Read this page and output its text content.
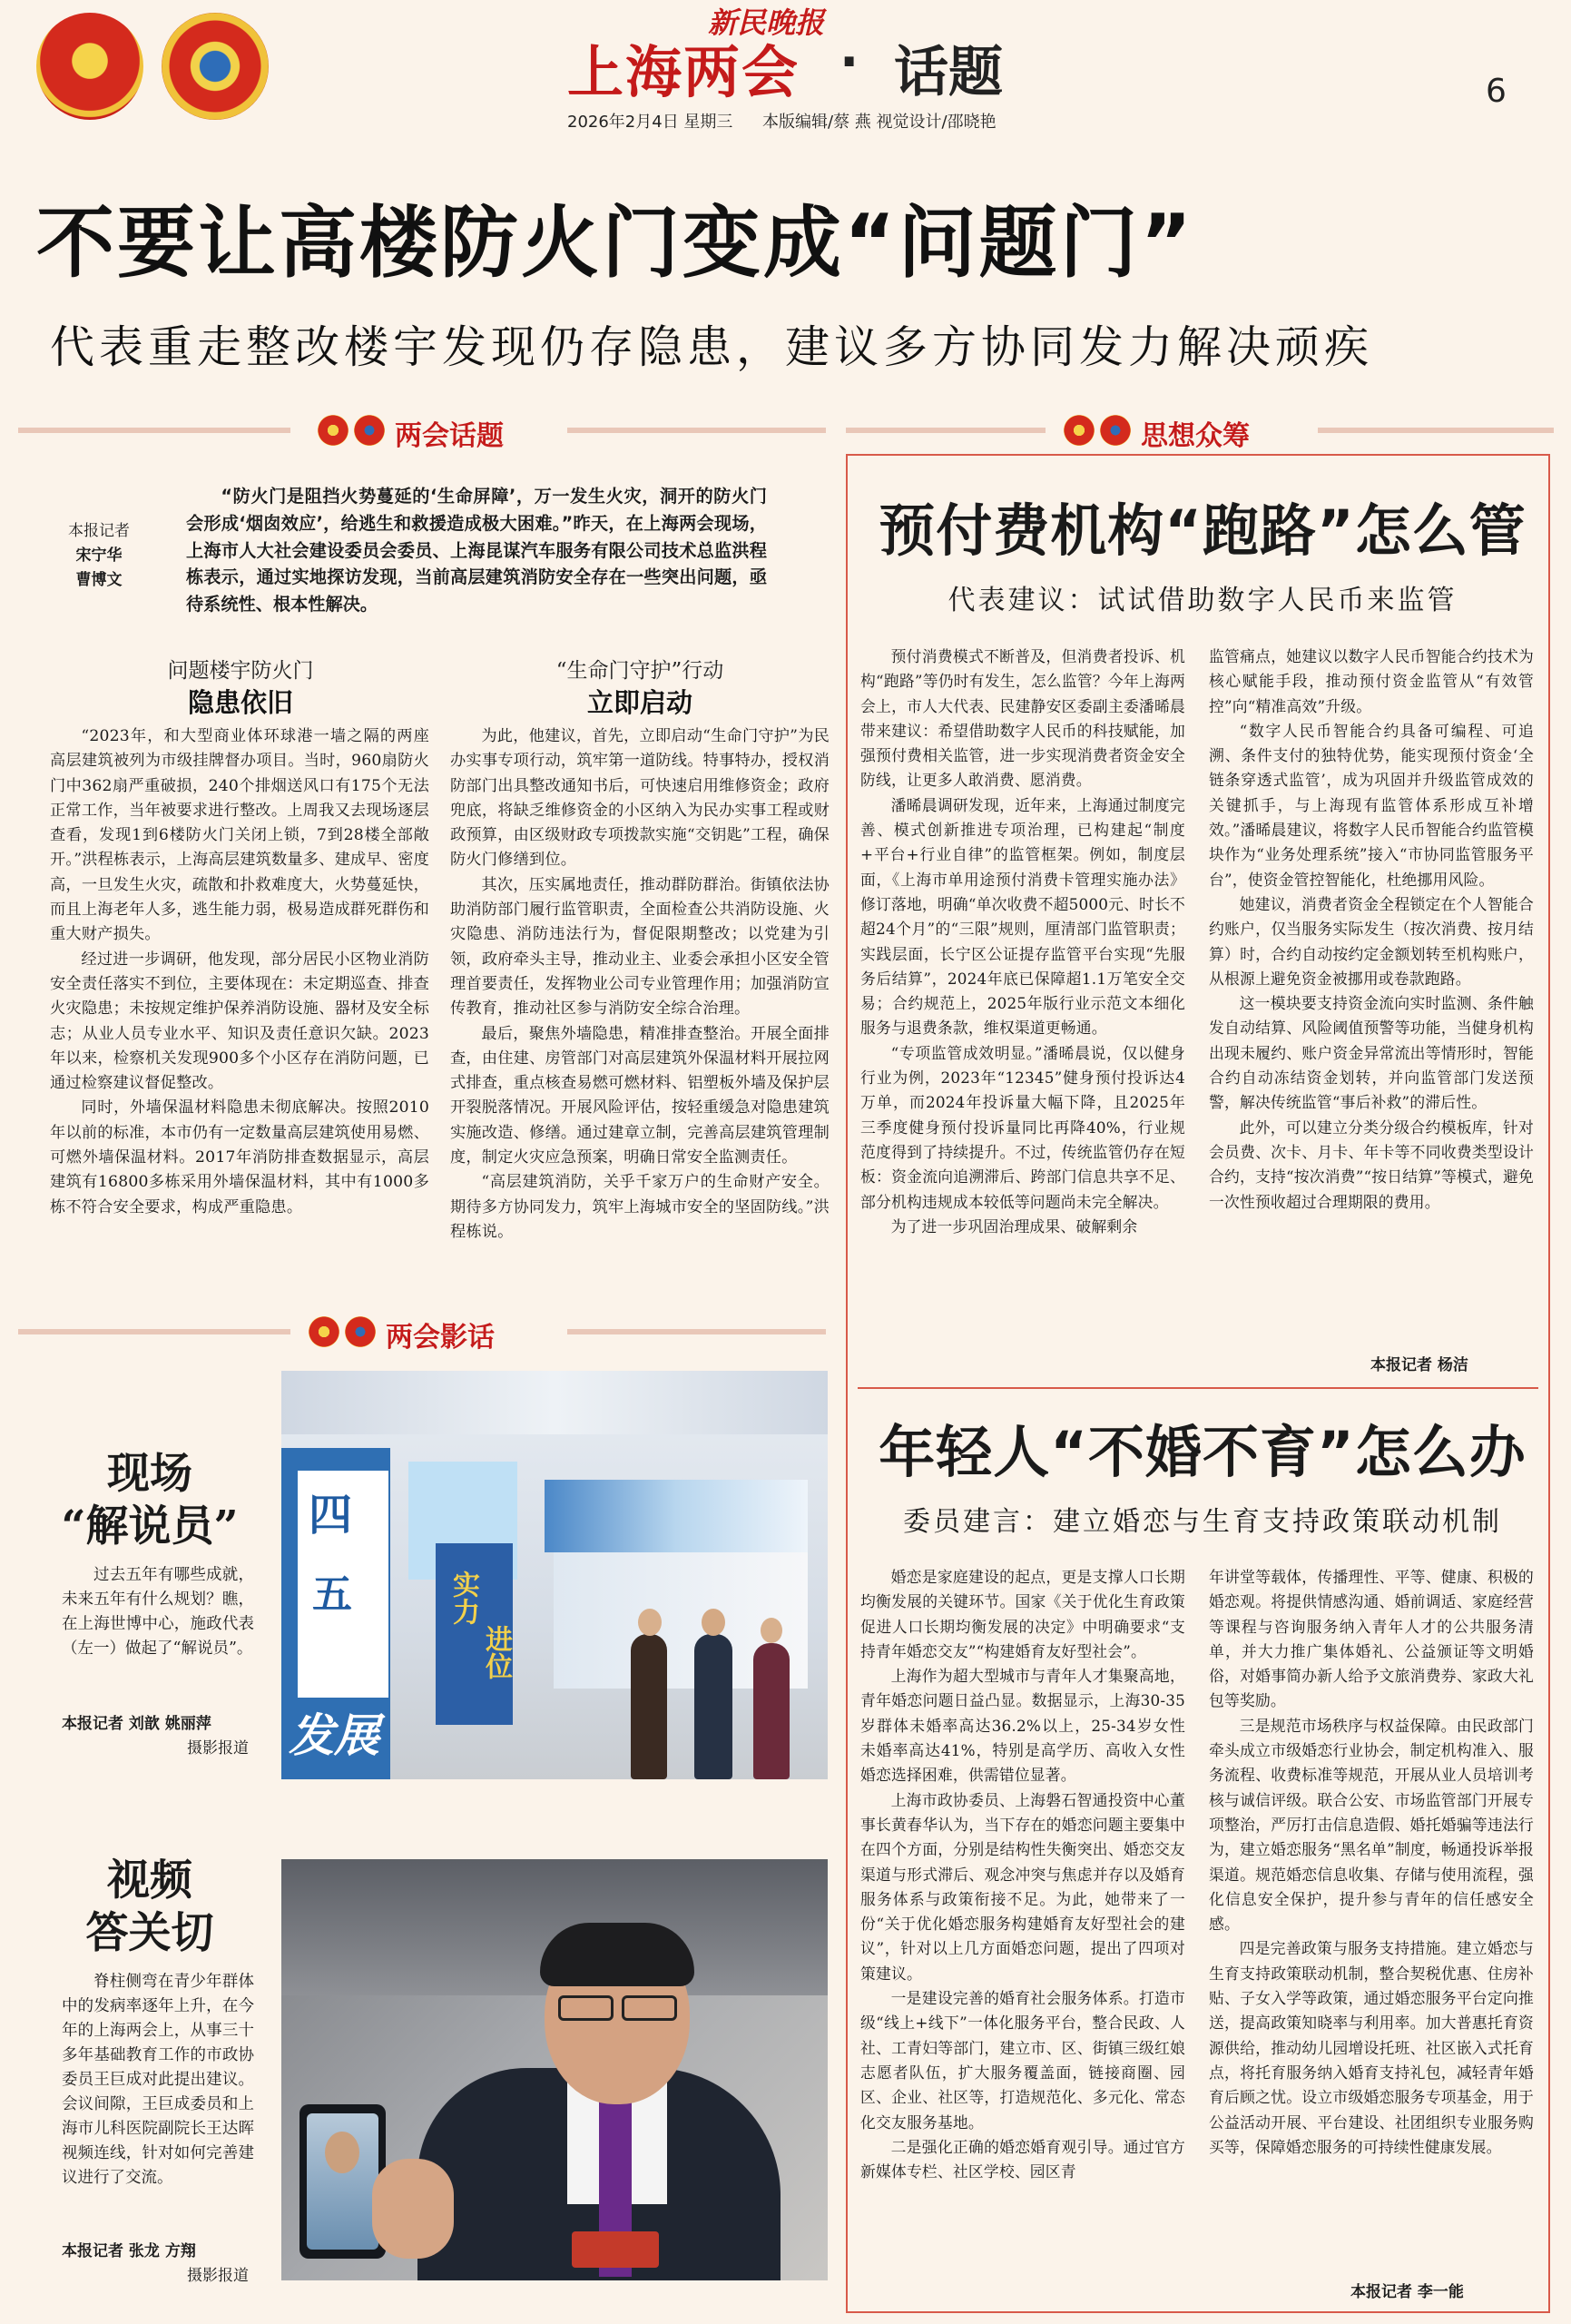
新民晚报
上海两会 · 话题	6
2026年2月4日 星期三 本版编辑/蔡 燕 视觉设计/邵晓艳
不要让高楼防火门变成“问题门”
代表重走整改楼宇发现仍存隐患，建议多方协同发力解决顽疾
两会话题
本报记者
宋宁华
曹博文
“防火门是阻挡火势蔓延的‘生命屏障’，万一发生火灾，洞开的防火门会形成‘烟囱效应’，给逃生和救援造成极大困难。”昨天，在上海两会现场，上海市人大社会建设委员会委员、上海昆谋汽车服务有限公司技术总监洪程栋表示，通过实地探访发现，当前高层建筑消防安全存在一些突出问题，亟待系统性、根本性解决。
问题楼宇防火门
隐患依旧
“生命门守护”行动
立即启动

“2023年，和大型商业体环球港一墙之隔的两座高层建筑被列为市级挂牌督办项目。当时，960扇防火门中362扇严重破损，240个排烟送风口有175个无法正常工作，当年被要求进行整改。上周我又去现场逐层查看，发现1到6楼防火门关闭上锁，7到28楼全部敞开。”洪程栋表示，上海高层建筑数量多、建成早、密度高，一旦发生火灾，疏散和扑救难度大，火势蔓延快，而且上海老年人多，逃生能力弱，极易造成群死群伤和重大财产损失。

经过进一步调研，他发现，部分居民小区物业消防安全责任落实不到位，主要体现在：未定期巡查、排查火灾隐患；未按规定维护保养消防设施、器材及安全标志；从业人员专业水平、知识及责任意识欠缺。2023年以来，检察机关发现900多个小区存在消防问题，已通过检察建议督促整改。

同时，外墙保温材料隐患未彻底解决。按照2010年以前的标准，本市仍有一定数量高层建筑使用易燃、可燃外墙保温材料。2017年消防排查数据显示，高层建筑有16800多栋采用外墙保温材料，其中有1000多栋不符合安全要求，构成严重隐患。

为此，他建议，首先，立即启动“生命门守护”为民办实事专项行动，筑牢第一道防线。特事特办，授权消防部门出具整改通知书后，可快速启用维修资金；政府兜底，将缺乏维修资金的小区纳入为民办实事工程或财政预算，由区级财政专项拨款实施“交钥匙”工程，确保防火门修缮到位。

其次，压实属地责任，推动群防群治。街镇依法协助消防部门履行监管职责，全面检查公共消防设施、火灾隐患、消防违法行为，督促限期整改；以党建为引领，政府牵头主导，推动业主、业委会承担小区安全管理首要责任，发挥物业公司专业管理作用；加强消防宣传教育，推动社区参与消防安全综合治理。

最后，聚焦外墙隐患，精准排查整治。开展全面排查，由住建、房管部门对高层建筑外保温材料开展拉网式排查，重点核查易燃可燃材料、铝塑板外墙及保护层开裂脱落情况。开展风险评估，按轻重缓急对隐患建筑实施改造、修缮。通过建章立制，完善高层建筑管理制度，制定火灾应急预案，明确日常安全监测责任。

“高层建筑消防，关乎千家万户的生命财产安全。期待多方协同发力，筑牢上海城市安全的坚固防线。”洪程栋说。

两会影话
现场
“解说员”
过去五年有哪些成就，未来五年有什么规划？瞧，在上海世博中心，施政代表（左一）做起了“解说员”。
本报记者 刘歆 姚丽萍
摄影报道
四
五
发展
实力
进位
视频
答关切
脊柱侧弯在青少年群体中的发病率逐年上升，在今年的上海两会上，从事三十多年基础教育工作的市政协委员王巨成对此提出建议。会议间隙，王巨成委员和上海市儿科医院副院长王达晖视频连线，针对如何完善建议进行了交流。
本报记者 张龙 方翔
摄影报道
思想众筹
预付费机构“跑路”怎么管
代表建议：试试借助数字人民币来监管

预付消费模式不断普及，但消费者投诉、机构“跑路”等仍时有发生，怎么监管？今年上海两会上，市人大代表、民建静安区委副主委潘晞晨带来建议：希望借助数字人民币的科技赋能，加强预付费相关监管，进一步实现消费者资金安全防线，让更多人敢消费、愿消费。

潘晞晨调研发现，近年来，上海通过制度完善、模式创新推进专项治理，已构建起“制度+平台+行业自律”的监管框架。例如，制度层面，《上海市单用途预付消费卡管理实施办法》修订落地，明确“单次收费不超5000元、时长不超24个月”的“三限”规则，厘清部门监管职责；实践层面，长宁区公证提存监管平台实现“先服务后结算”，2024年底已保障超1.1万笔安全交易；合约规范上，2025年版行业示范文本细化服务与退费条款，维权渠道更畅通。

“专项监管成效明显。”潘晞晨说，仅以健身行业为例，2023年“12345”健身预付投诉达4万单，而2024年投诉量大幅下降，且2025年三季度健身预付投诉量同比再降40%，行业规范度得到了持续提升。不过，传统监管仍存在短板：资金流向追溯滞后、跨部门信息共享不足、部分机构违规成本较低等问题尚未完全解决。

为了进一步巩固治理成果、破解剩余

监管痛点，她建议以数字人民币智能合约技术为核心赋能手段，推动预付资金监管从“有效管控”向“精准高效”升级。

“数字人民币智能合约具备可编程、可追溯、条件支付的独特优势，能实现预付资金‘全链条穿透式监管’，成为巩固并升级监管成效的关键抓手，与上海现有监管体系形成互补增效。”潘晞晨建议，将数字人民币智能合约监管模块作为“业务处理系统”接入“市协同监管服务平台”，使资金管控智能化，杜绝挪用风险。

她建议，消费者资金全程锁定在个人智能合约账户，仅当服务实际发生（按次消费、按月结算）时，合约自动按约定金额划转至机构账户，从根源上避免资金被挪用或卷款跑路。

这一模块要支持资金流向实时监测、条件触发自动结算、风险阈值预警等功能，当健身机构出现未履约、账户资金异常流出等情形时，智能合约自动冻结资金划转，并向监管部门发送预警，解决传统监管“事后补救”的滞后性。

此外，可以建立分类分级合约模板库，针对会员费、次卡、月卡、年卡等不同收费类型设计合约，支持“按次消费”“按日结算”等模式，避免一次性预收超过合理期限的费用。

本报记者 杨洁
年轻人“不婚不育”怎么办
委员建言：建立婚恋与生育支持政策联动机制

婚恋是家庭建设的起点，更是支撑人口长期均衡发展的关键环节。国家《关于优化生育政策促进人口长期均衡发展的决定》中明确要求“支持青年婚恋交友”“构建婚育友好型社会”。

上海作为超大型城市与青年人才集聚高地，青年婚恋问题日益凸显。数据显示，上海30-35岁群体未婚率高达36.2%以上，25-34岁女性未婚率高达41%，特别是高学历、高收入女性婚恋选择困难，供需错位显著。

上海市政协委员、上海磐石智通投资中心董事长黄春华认为，当下存在的婚恋问题主要集中在四个方面，分别是结构性失衡突出、婚恋交友渠道与形式滞后、观念冲突与焦虑并存以及婚育服务体系与政策衔接不足。为此，她带来了一份“关于优化婚恋服务构建婚育友好型社会的建议”，针对以上几方面婚恋问题，提出了四项对策建议。

一是建设完善的婚育社会服务体系。打造市级“线上+线下”一体化服务平台，整合民政、人社、工青妇等部门，建立市、区、街镇三级红娘志愿者队伍，扩大服务覆盖面，链接商圈、园区、企业、社区等，打造规范化、多元化、常态化交友服务基地。

二是强化正确的婚恋婚育观引导。通过官方新媒体专栏、社区学校、园区青

年讲堂等载体，传播理性、平等、健康、积极的婚恋观。将提供情感沟通、婚前调适、家庭经营等课程与咨询服务纳入青年人才的公共服务清单，并大力推广集体婚礼、公益颁证等文明婚俗，对婚事简办新人给予文旅消费券、家政大礼包等奖励。

三是规范市场秩序与权益保障。由民政部门牵头成立市级婚恋行业协会，制定机构准入、服务流程、收费标准等规范，开展从业人员培训考核与诚信评级。联合公安、市场监管部门开展专项整治，严厉打击信息造假、婚托婚骗等违法行为，建立婚恋服务“黑名单”制度，畅通投诉举报渠道。规范婚恋信息收集、存储与使用流程，强化信息安全保护，提升参与青年的信任感安全感。

四是完善政策与服务支持措施。建立婚恋与生育支持政策联动机制，整合契税优惠、住房补贴、子女入学等政策，通过婚恋服务平台定向推送，提高政策知晓率与利用率。加大普惠托育资源供给，推动幼儿园增设托班、社区嵌入式托育点，将托育服务纳入婚育支持礼包，减轻青年婚育后顾之忧。设立市级婚恋服务专项基金，用于公益活动开展、平台建设、社团组织专业服务购买等，保障婚恋服务的可持续性健康发展。

本报记者 李一能
